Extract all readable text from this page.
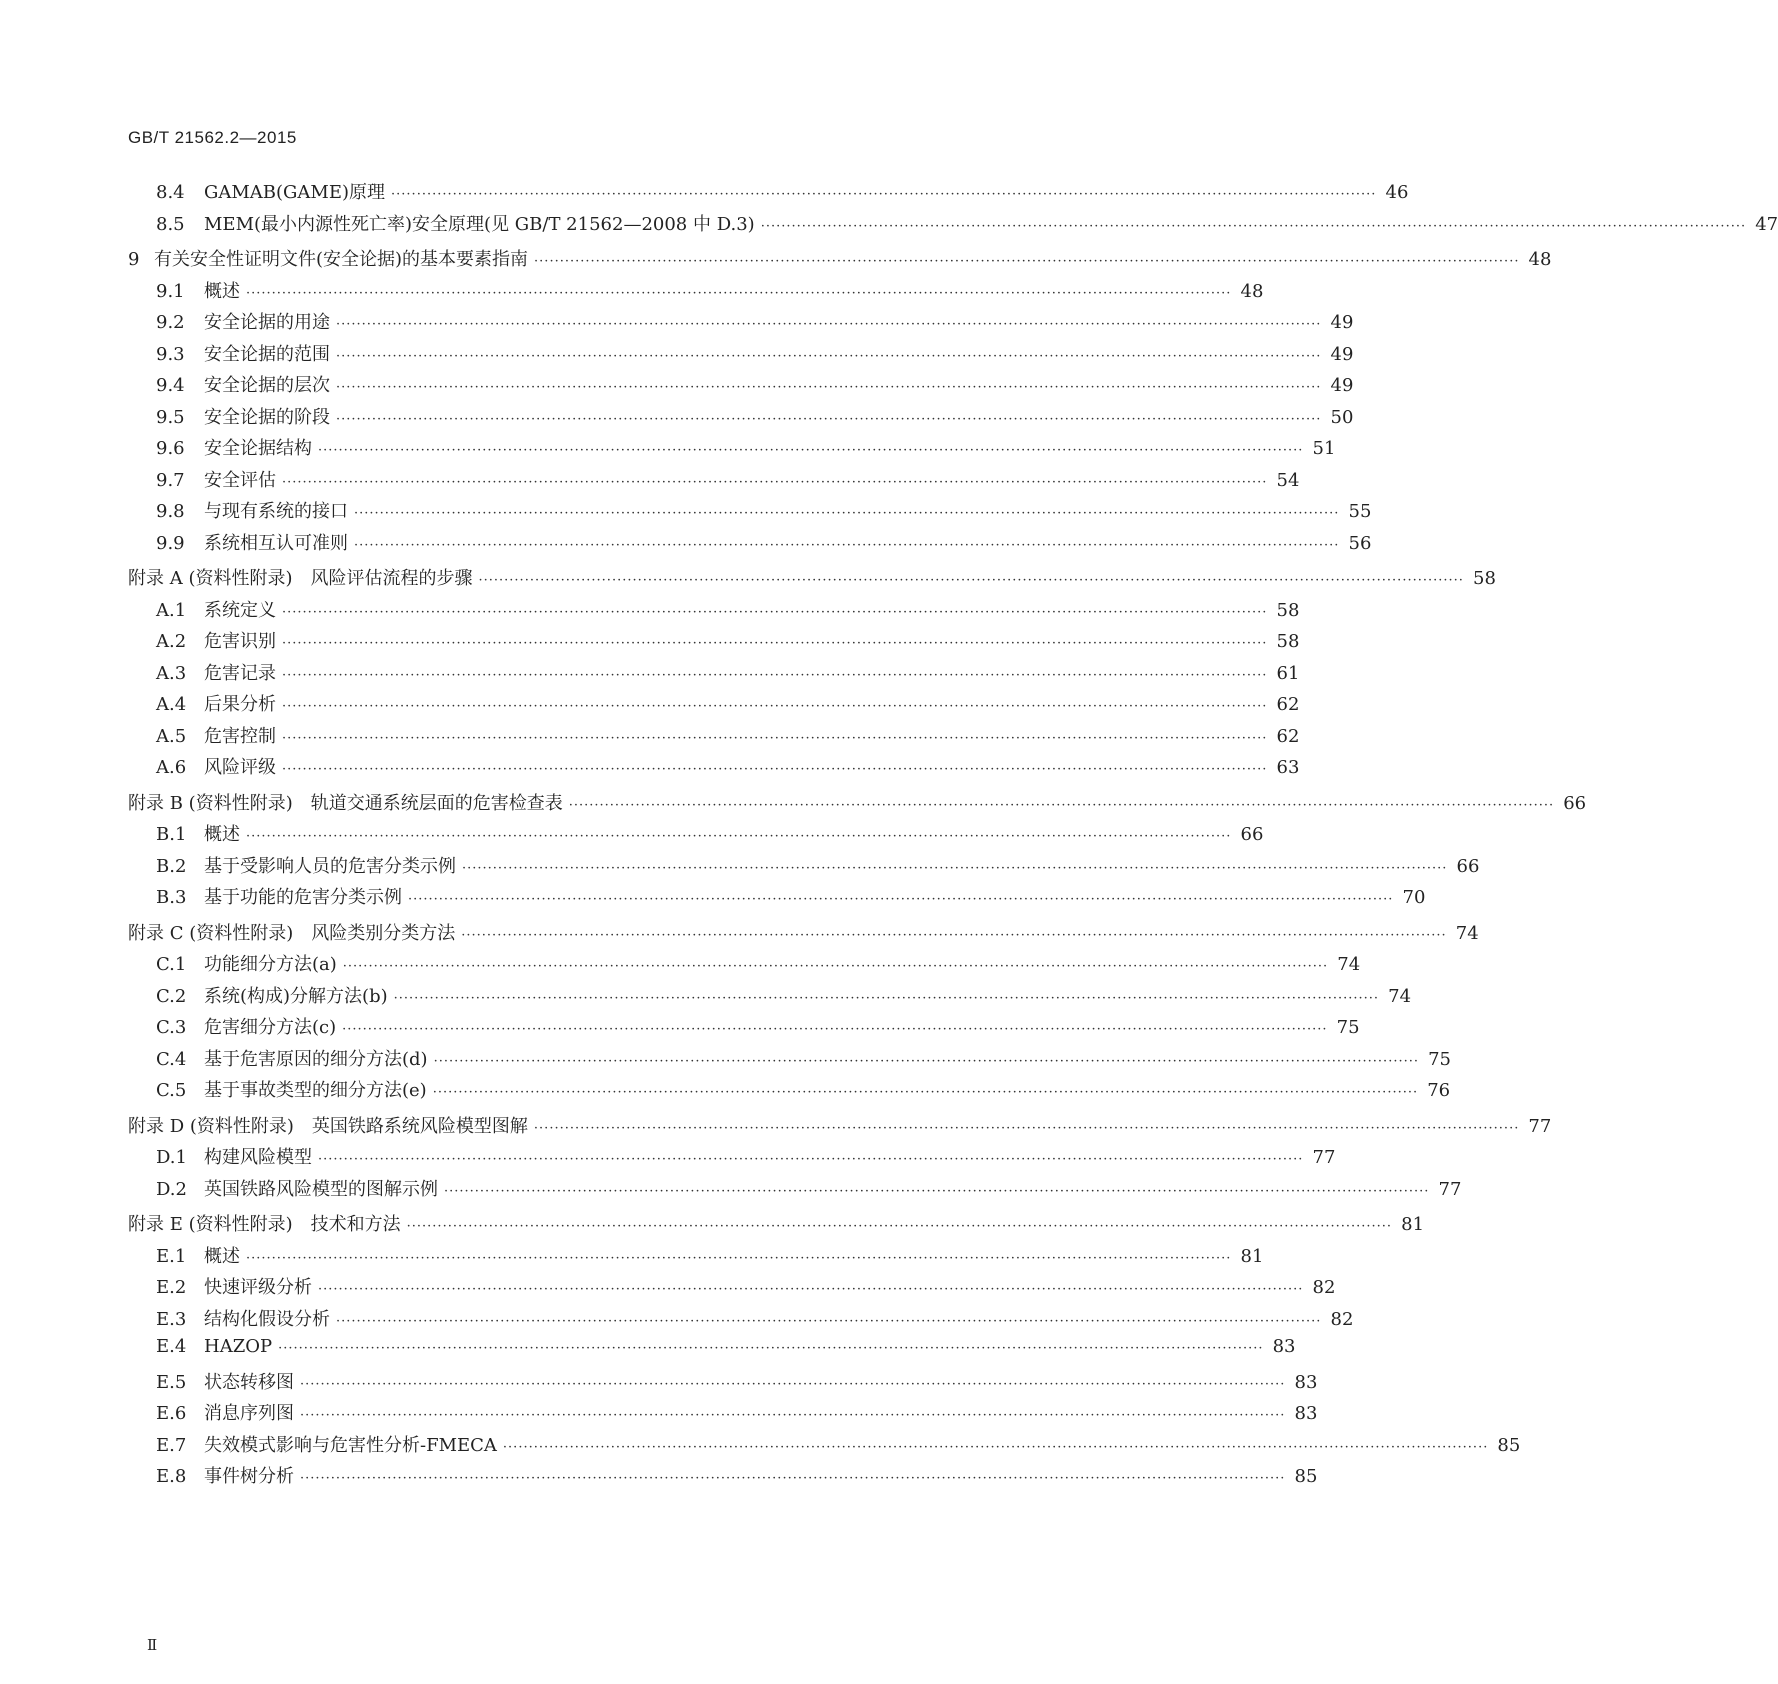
GB/T 21562.2—2015
8.4	GAMAB(GAME)原理 ·····	46
8.5	MEM(最小内源性死亡率)安全原理(见 GB/T 21562—2008 中 D.3) ·····	47
9 有关安全性证明文件(安全论据)的基本要素指南 ·····	48
9.1	概述 ·····	48
9.2	安全论据的用途 ·····	49
9.3	安全论据的范围 ·····	49
9.4	安全论据的层次 ·····	49
9.5	安全论据的阶段 ·····	50
9.6	安全论据结构 ·····	51
9.7	安全评估 ·····	54
9.8	与现有系统的接口 ·····	55
9.9	系统相互认可准则 ·····	56
附录 A (资料性附录)　风险评估流程的步骤 ·····	58
A.1 系统定义 ·····	58
A.2 危害识别 ·····	58
A.3 危害记录 ·····	61
A.4 后果分析 ·····	62
A.5 危害控制 ·····	62
A.6 风险评级 ·····	63
附录 B (资料性附录)　轨道交通系统层面的危害检查表 ·····	66
B.1 概述 ·····	66
B.2 基于受影响人员的危害分类示例 ·····	66
B.3 基于功能的危害分类示例 ·····	70
附录 C (资料性附录)　风险类别分类方法 ·····	74
C.1 功能细分方法(a) ·····	74
C.2 系统(构成)分解方法(b) ·····	74
C.3 危害细分方法(c) ·····	75
C.4 基于危害原因的细分方法(d) ·····	75
C.5 基于事故类型的细分方法(e) ·····	76
附录 D (资料性附录)　英国铁路系统风险模型图解 ·····	77
D.1 构建风险模型 ·····	77
D.2 英国铁路风险模型的图解示例 ·····	77
附录 E (资料性附录)　技术和方法 ·····	81
E.1 概述 ·····	81
E.2 快速评级分析 ·····	82
E.3 结构化假设分析 ·····	82
E.4 HAZOP ·····	83
E.5 状态转移图 ·····	83
E.6 消息序列图 ·····	83
E.7 失效模式影响与危害性分析-FMECA ·····	85
E.8 事件树分析 ·····	85
Ⅱ
